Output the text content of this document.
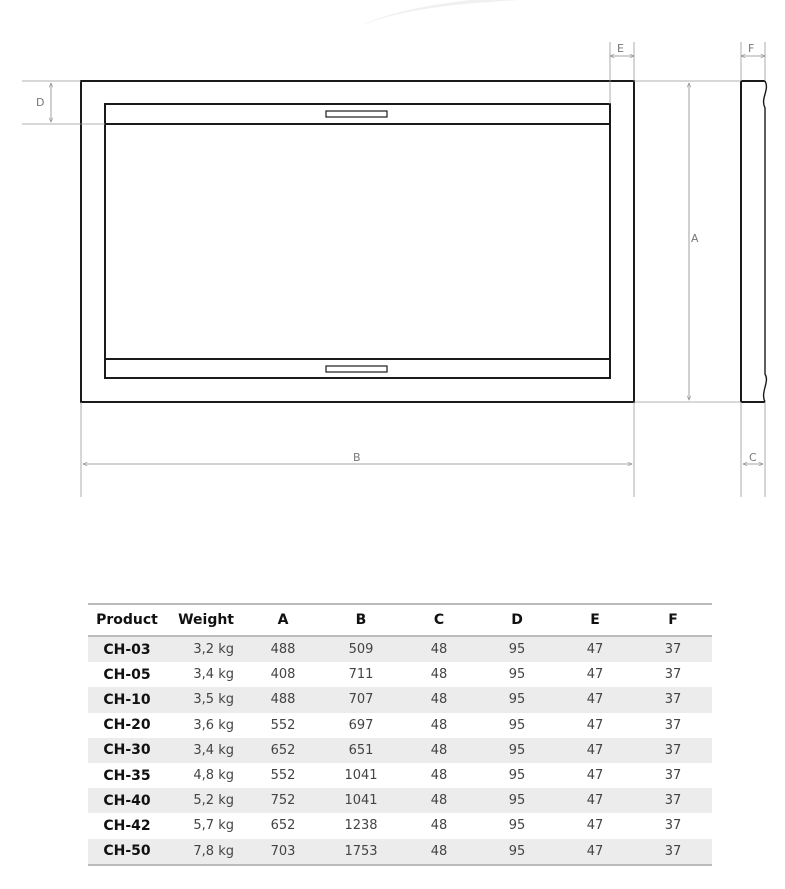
D
E	F
A
B	C
Product	Weight	A	B	C	D	E	F
CH-03	3,2 kg	488	509	48	95	47	37
CH-05	3,4 kg	408	711	48	95	47	37
CH-10	3,5 kg	488	707	48	95	47	37
CH-20	3,6 kg	552	697	48	95	47	37
CH-30	3,4 kg	652	651	48	95	47	37
CH-35	4,8 kg	552	1041	48	95	47	37
CH-40	5,2 kg	752	1041	48	95	47	37
CH-42	5,7 kg	652	1238	48	95	47	37
CH-50	7,8 kg	703	1753	48	95	47	37
